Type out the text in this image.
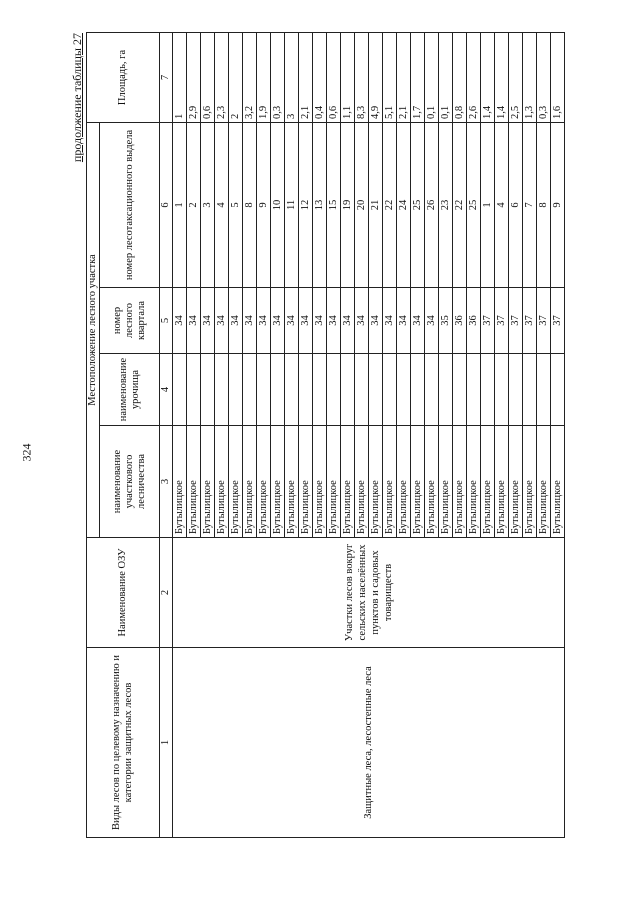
324
продолжение таблицы 27
Виды лесов по целевому назначению и категории защитных лесов	Наименование ОЗУ	Местоположение лесного участка				Площадь, га
		наименование участкового лесничества	наименование урочища	номер лесного квартала	номер лесотаксационного выдела	
1	2	3	4	5	6	7
Защитные леса, лесостепные леса	Участки лесов вокруг сельских населённых пунктов и садовых товариществ	Бутылицкое		34	1	1
		Бутылицкое		34	2	2,9
		Бутылицкое		34	3	0,6
		Бутылицкое		34	4	2,3
		Бутылицкое		34	5	2
		Бутылицкое		34	8	3,2
		Бутылицкое		34	9	1,9
		Бутылицкое		34	10	0,3
		Бутылицкое		34	11	3
		Бутылицкое		34	12	2,1
		Бутылицкое		34	13	0,4
		Бутылицкое		34	15	0,6
		Бутылицкое		34	19	1,1
		Бутылицкое		34	20	8,3
		Бутылицкое		34	21	4,9
		Бутылицкое		34	22	5,1
		Бутылицкое		34	24	2,1
		Бутылицкое		34	25	1,7
		Бутылицкое		34	26	0,1
		Бутылицкое		35	23	0,1
		Бутылицкое		36	22	0,8
		Бутылицкое		36	25	2,6
		Бутылицкое		37	1	1,4
		Бутылицкое		37	4	1,4
		Бутылицкое		37	6	2,5
		Бутылицкое		37	7	1,3
		Бутылицкое		37	8	0,3
		Бутылицкое		37	9	1,6
